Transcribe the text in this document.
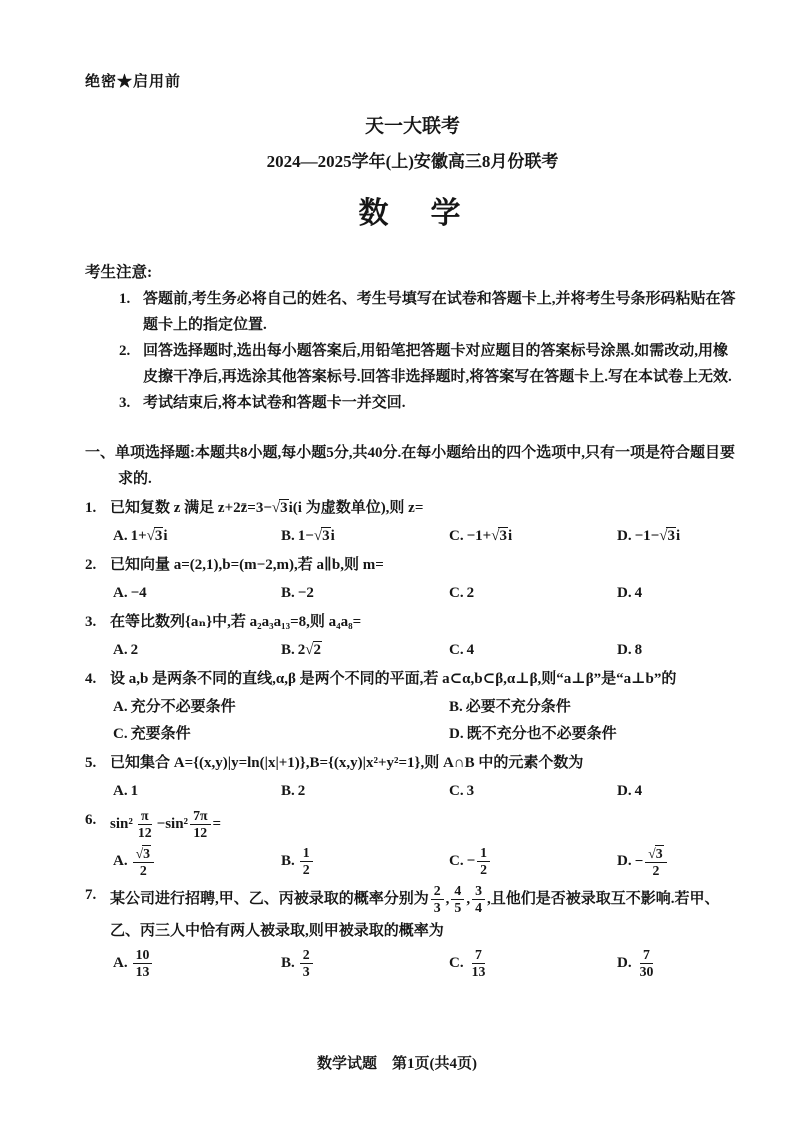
绝密★启用前
天一大联考
2024—2025学年(上)安徽高三8月份联考
数　学
考生注意:
1. 答题前,考生务必将自己的姓名、考生号填写在试卷和答题卡上,并将考生号条形码粘贴在答题卡上的指定位置.
2. 回答选择题时,选出每小题答案后,用铅笔把答题卡对应题目的答案标号涂黑.如需改动,用橡皮擦干净后,再选涂其他答案标号.回答非选择题时,将答案写在答题卡上.写在本试卷上无效.
3. 考试结束后,将本试卷和答题卡一并交回.
一、单项选择题:本题共8小题,每小题5分,共40分.在每小题给出的四个选项中,只有一项是符合题目要求的.
1. 已知复数 z 满足 z+2z̄=3−√3i(i 为虚数单位),则 z=
A. 1+√3i	B. 1−√3i	C. −1+√3i	D. −1−√3i
2. 已知向量 a=(2,1),b=(m−2,m),若 a∥b,则 m=
A. −4	B. −2	C. 2	D. 4
3. 在等比数列{aₙ}中,若 a₂a₃a₁₃=8,则 a₄a₈=
A. 2	B. 2√2	C. 4	D. 8
4. 设 a,b 是两条不同的直线,α,β 是两个不同的平面,若 a⊂α,b⊂β,α⊥β,则“a⊥β”是“a⊥b”的
A. 充分不必要条件	B. 必要不充分条件
C. 充要条件	D. 既不充分也不必要条件
5. 已知集合 A={(x,y)|y=ln(|x|+1)},B={(x,y)|x²+y²=1},则 A∩B 中的元素个数为
A. 1	B. 2	C. 3	D. 4
6. $\sin^2 \frac{\pi}{12} -\sin^2 \frac{7\pi}{12}$ =
A. $\frac{√3}{2}$	B. $\frac{1}{2}$	C. − $\frac{1}{2}$	D. − $\frac{√3}{2}$
7. 某公司进行招聘,甲、乙、丙被录取的概率分别为 $\frac{2}{3}$ , $\frac{4}{5}$ , $\frac{3}{4}$ ,且他们是否被录取互不影响.若甲、乙、丙三人中恰有两人被录取,则甲被录取的概率为
A. $\frac{10}{13}$	B. $\frac{2}{3}$	C. $\frac{7}{13}$	D. $\frac{7}{30}$
数学试题　第1页(共4页)
